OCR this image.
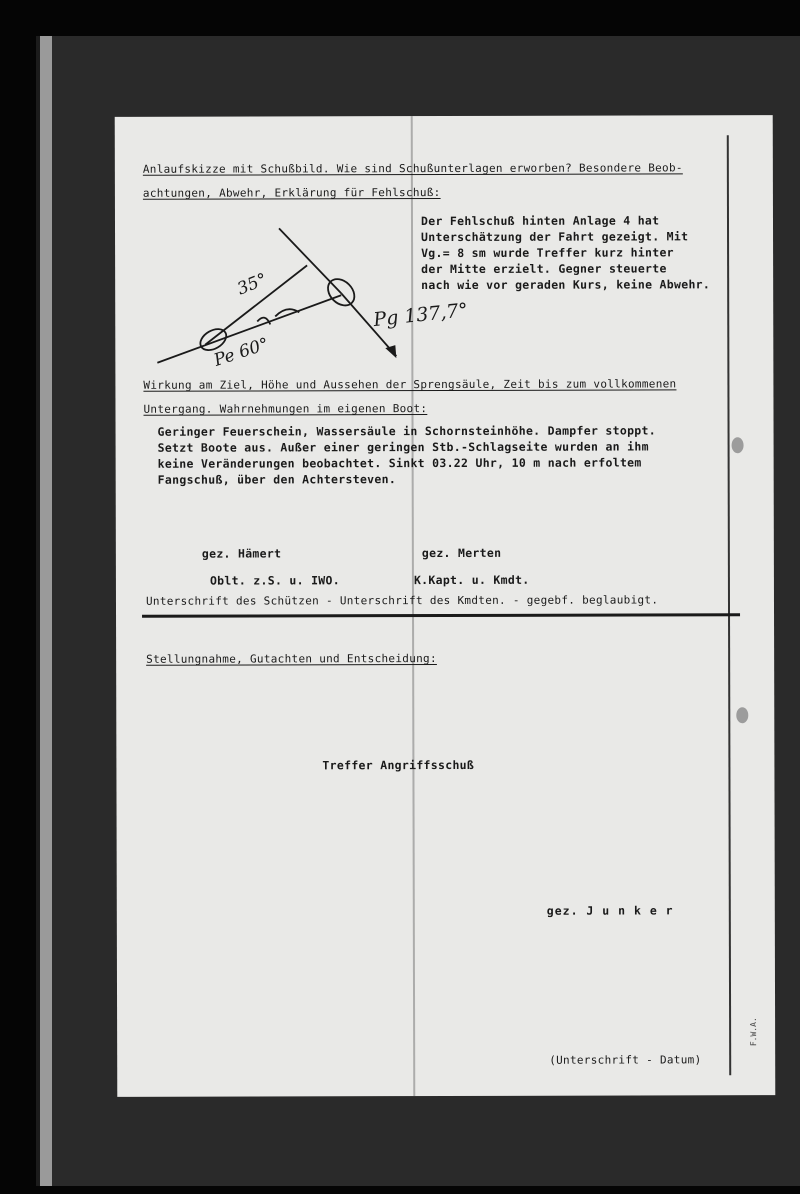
Anlaufskizze mit Schußbild. Wie sind Schußunterlagen erworben? Besondere Beob-
achtungen, Abwehr, Erklärung für Fehlschuß:
Der Fehlschuß hinten Anlage 4 hat
Unterschätzung der Fahrt gezeigt. Mit
Vg.= 8 sm wurde Treffer kurz hinter
der Mitte erzielt. Gegner steuerte
nach wie vor geraden Kurs, keine Abwehr.
35°
Pe 60°
Pg 137,7°
Wirkung am Ziel, Höhe und Aussehen der Sprengsäule, Zeit bis zum vollkommenen
Untergang. Wahrnehmungen im eigenen Boot:
Geringer Feuerschein, Wassersäule in Schornsteinhöhe. Dampfer stoppt.
Setzt Boote aus. Außer einer geringen Stb.-Schlagseite wurden an ihm
keine Veränderungen beobachtet. Sinkt 03.22 Uhr, 10 m nach erfoltem
Fangschuß, über den Achtersteven.
gez. Hämert	gez. Merten
Oblt. z.S. u. IWO.	K.Kapt. u. Kmdt.
Unterschrift des Schützen - Unterschrift des Kmdten. - gegebf. beglaubigt.
Stellungnahme, Gutachten und Entscheidung:
Treffer Angriffsschuß
gez. J u n k e r
(Unterschrift - Datum)
F.W.A.
